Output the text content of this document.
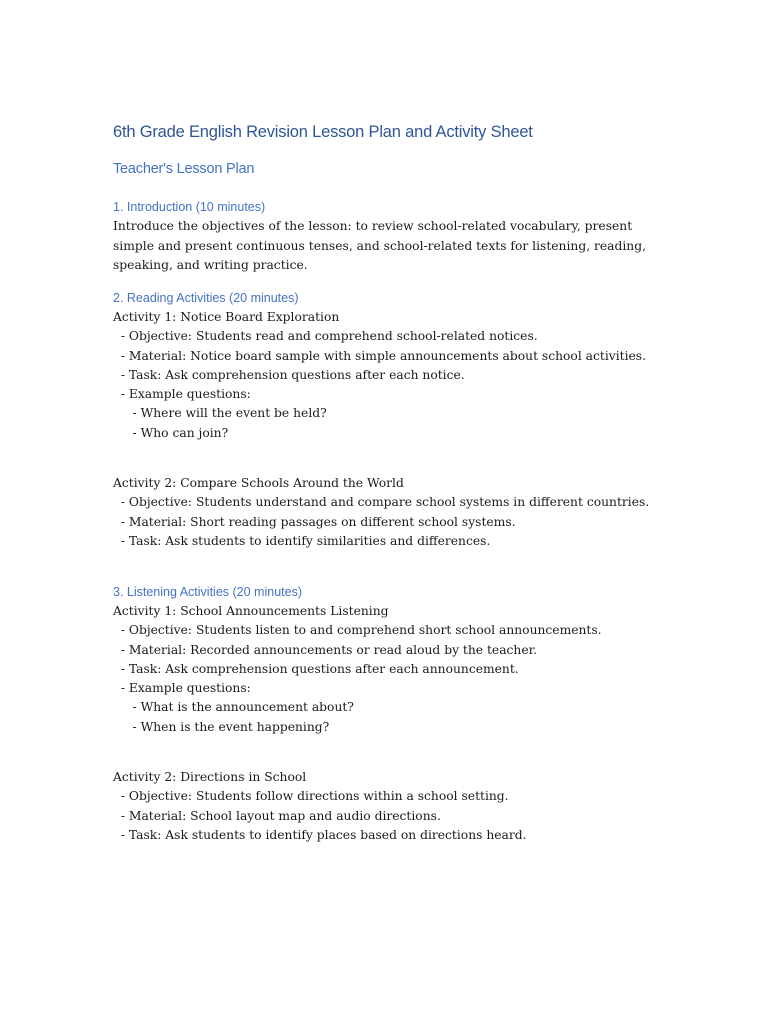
6th Grade English Revision Lesson Plan and Activity Sheet
Teacher's Lesson Plan
1. Introduction (10 minutes)

Introduce the objectives of the lesson: to review school-related vocabulary, present simple and present continuous tenses, and school-related texts for listening, reading, speaking, and writing practice.

2. Reading Activities (20 minutes)
Activity 1: Notice Board Exploration
- Objective: Students read and comprehend school-related notices.
- Material: Notice board sample with simple announcements about school activities.
- Task: Ask comprehension questions after each notice.
- Example questions:
- Where will the event be held?
- Who can join?
Activity 2: Compare Schools Around the World
- Objective: Students understand and compare school systems in different countries.
- Material: Short reading passages on different school systems.
- Task: Ask students to identify similarities and differences.
3. Listening Activities (20 minutes)
Activity 1: School Announcements Listening
- Objective: Students listen to and comprehend short school announcements.
- Material: Recorded announcements or read aloud by the teacher.
- Task: Ask comprehension questions after each announcement.
- Example questions:
- What is the announcement about?
- When is the event happening?
Activity 2: Directions in School
- Objective: Students follow directions within a school setting.
- Material: School layout map and audio directions.
- Task: Ask students to identify places based on directions heard.
